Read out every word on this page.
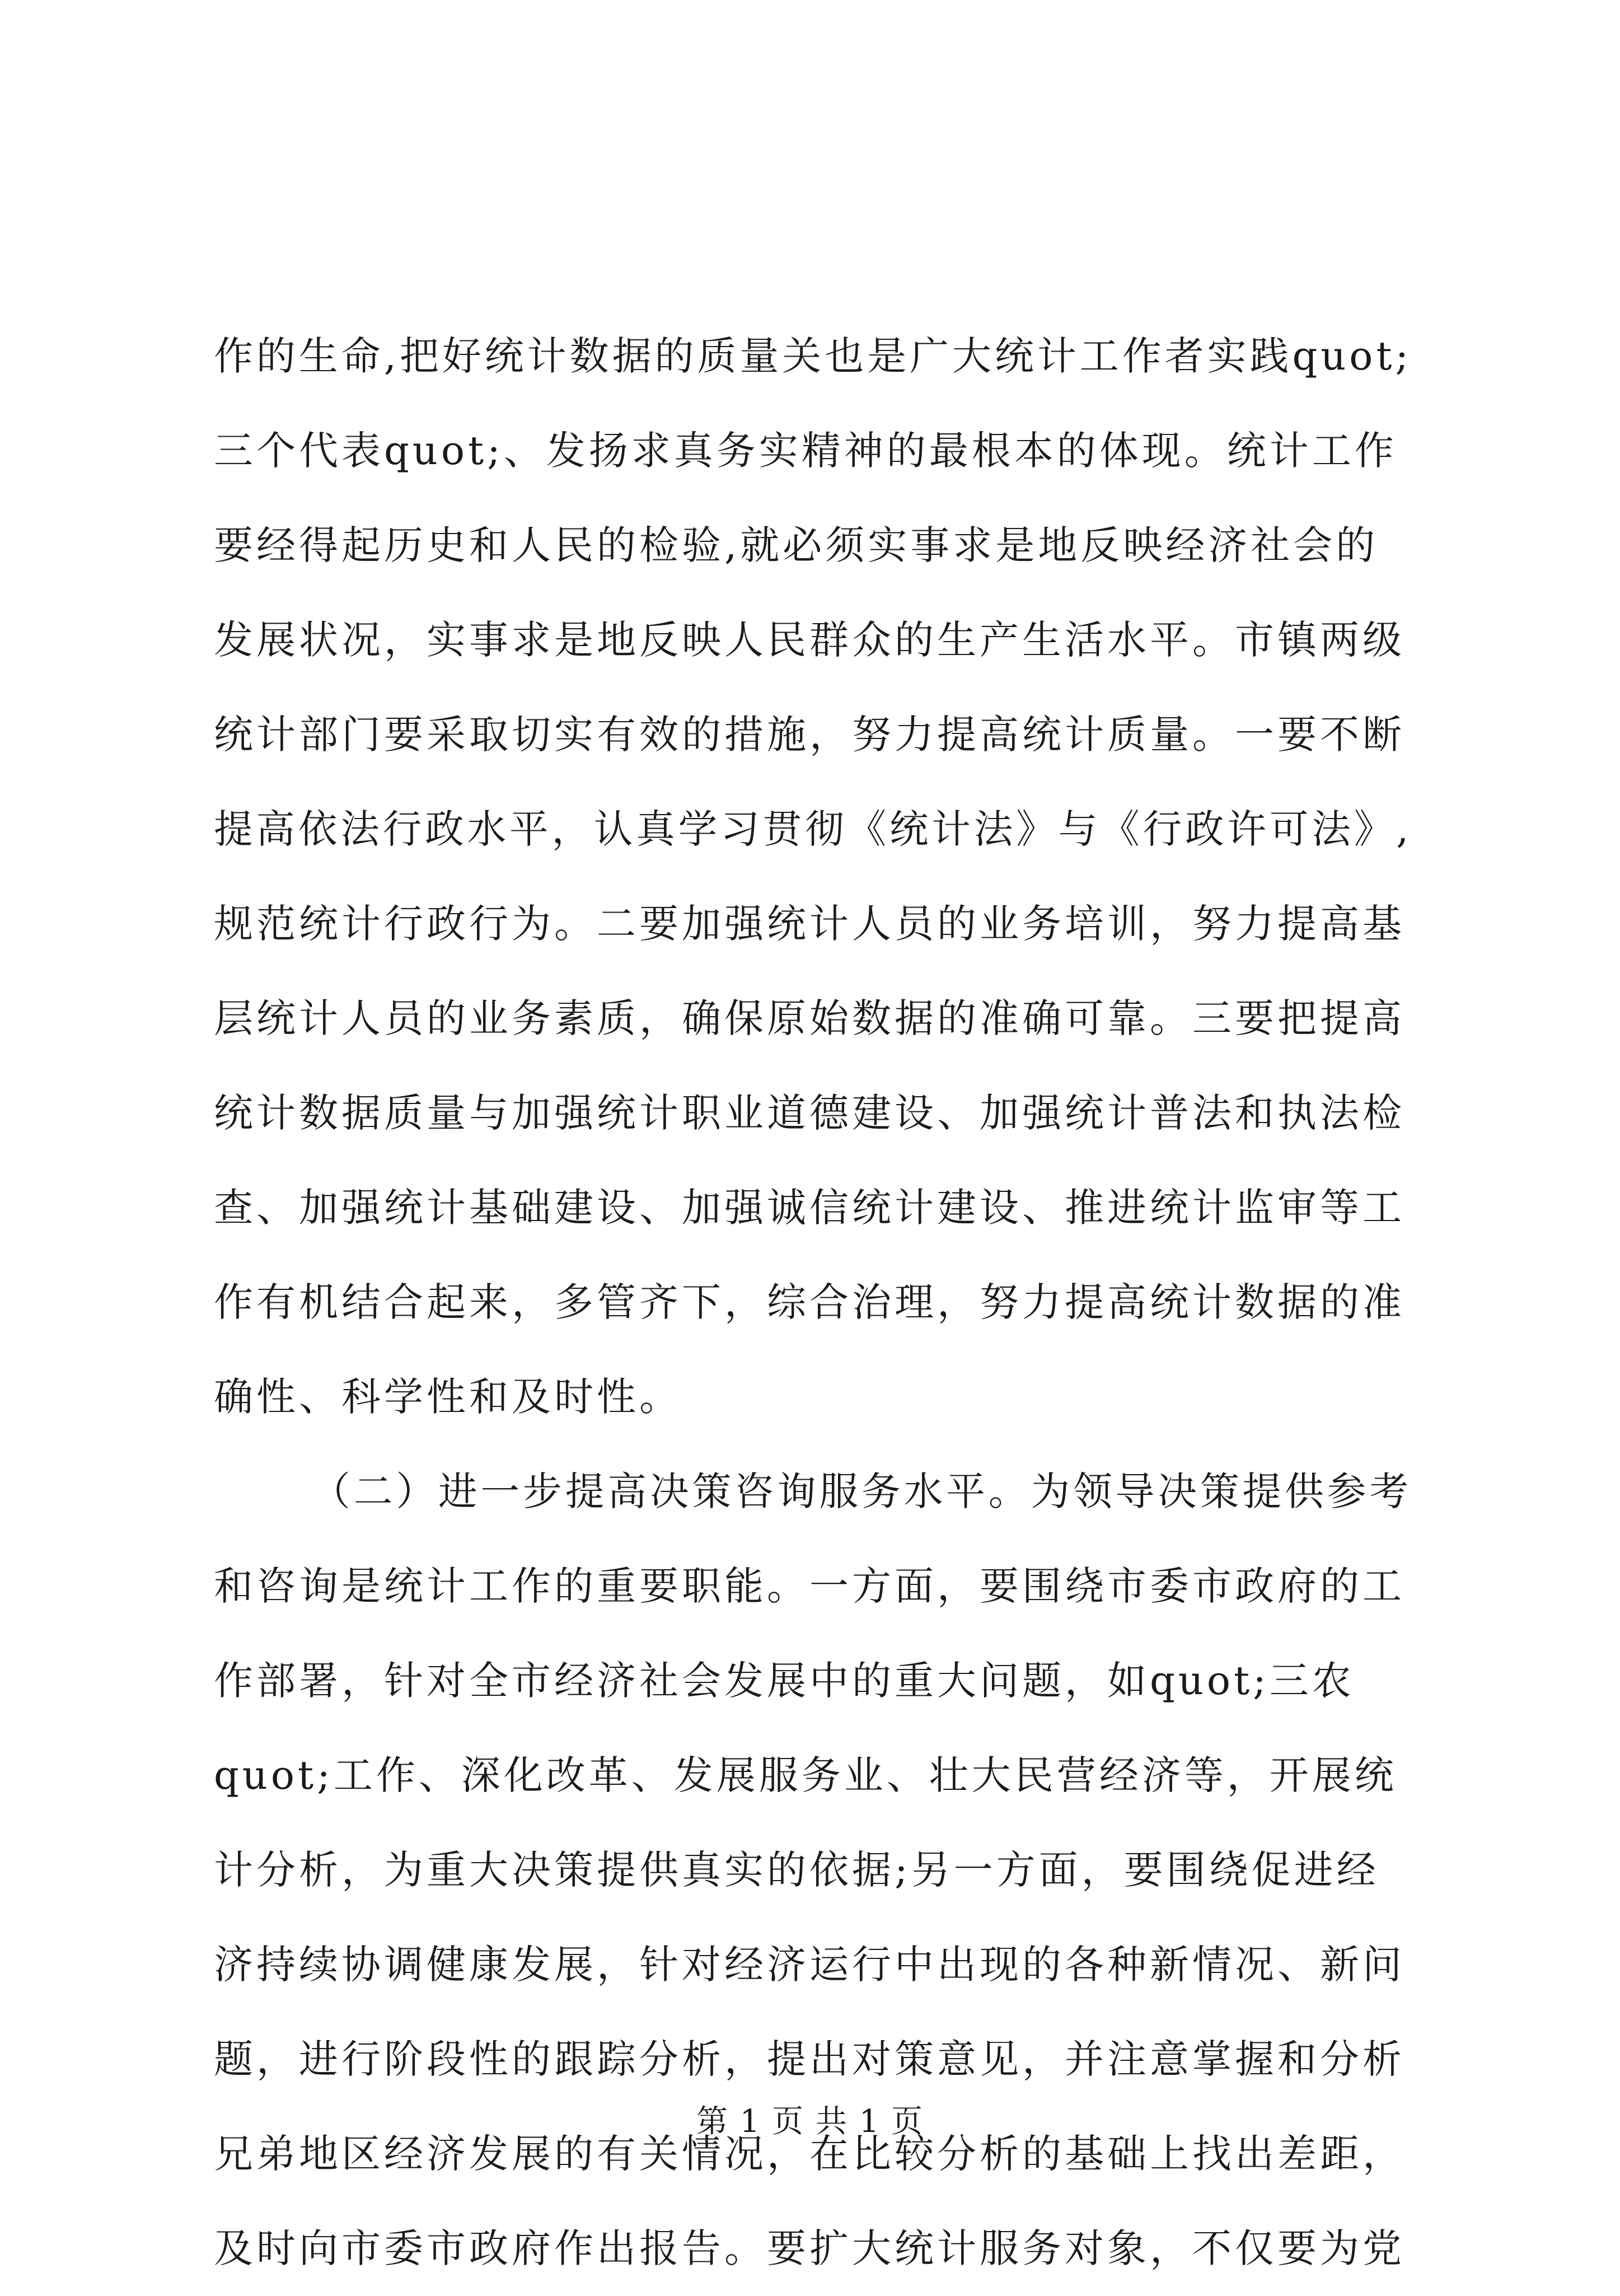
作的生命,把好统计数据的质量关也是广大统计工作者实践quot;
三个代表quot;、发扬求真务实精神的最根本的体现。统计工作
要经得起历史和人民的检验,就必须实事求是地反映经济社会的
发展状况，实事求是地反映人民群众的生产生活水平。市镇两级
统计部门要采取切实有效的措施，努力提高统计质量。一要不断
提高依法行政水平，认真学习贯彻《统计法》与《行政许可法》,
规范统计行政行为。二要加强统计人员的业务培训，努力提高基
层统计人员的业务素质，确保原始数据的准确可靠。三要把提高
统计数据质量与加强统计职业道德建设、加强统计普法和执法检
查、加强统计基础建设、加强诚信统计建设、推进统计监审等工
作有机结合起来，多管齐下，综合治理，努力提高统计数据的准
确性、科学性和及时性。
（二）进一步提高决策咨询服务水平。为领导决策提供参考
和咨询是统计工作的重要职能。一方面，要围绕市委市政府的工
作部署，针对全市经济社会发展中的重大问题，如quot;三农
quot;工作、深化改革、发展服务业、壮大民营经济等，开展统
计分析，为重大决策提供真实的依据;另一方面，要围绕促进经
济持续协调健康发展，针对经济运行中出现的各种新情况、新问
题，进行阶段性的跟踪分析，提出对策意见，并注意掌握和分析
兄弟地区经济发展的有关情况，在比较分析的基础上找出差距，
及时向市委市政府作出报告。要扩大统计服务对象，不仅要为党
第 1 页 共 1 页
